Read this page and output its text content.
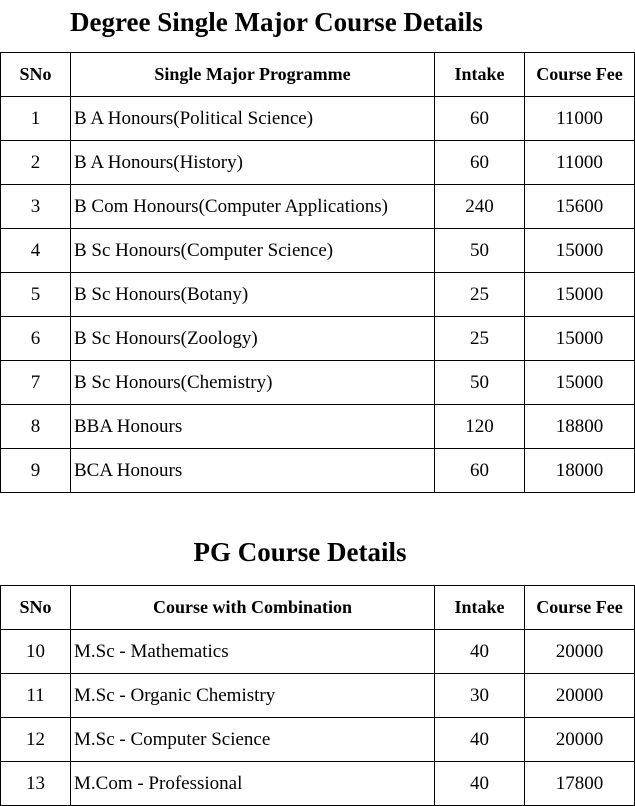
Degree Single Major Course Details
SNo	Single Major Programme	Intake	Course Fee
1	B A Honours(Political Science)	60	11000
2	B A Honours(History)	60	11000
3	B Com Honours(Computer Applications)	240	15600
4	B Sc Honours(Computer Science)	50	15000
5	B Sc Honours(Botany)	25	15000
6	B Sc Honours(Zoology)	25	15000
7	B Sc Honours(Chemistry)	50	15000
8	BBA Honours	120	18800
9	BCA Honours	60	18000
PG Course Details
SNo	Course with Combination	Intake	Course Fee
10	M.Sc - Mathematics	40	20000
11	M.Sc - Organic Chemistry	30	20000
12	M.Sc - Computer Science	40	20000
13	M.Com - Professional	40	17800
